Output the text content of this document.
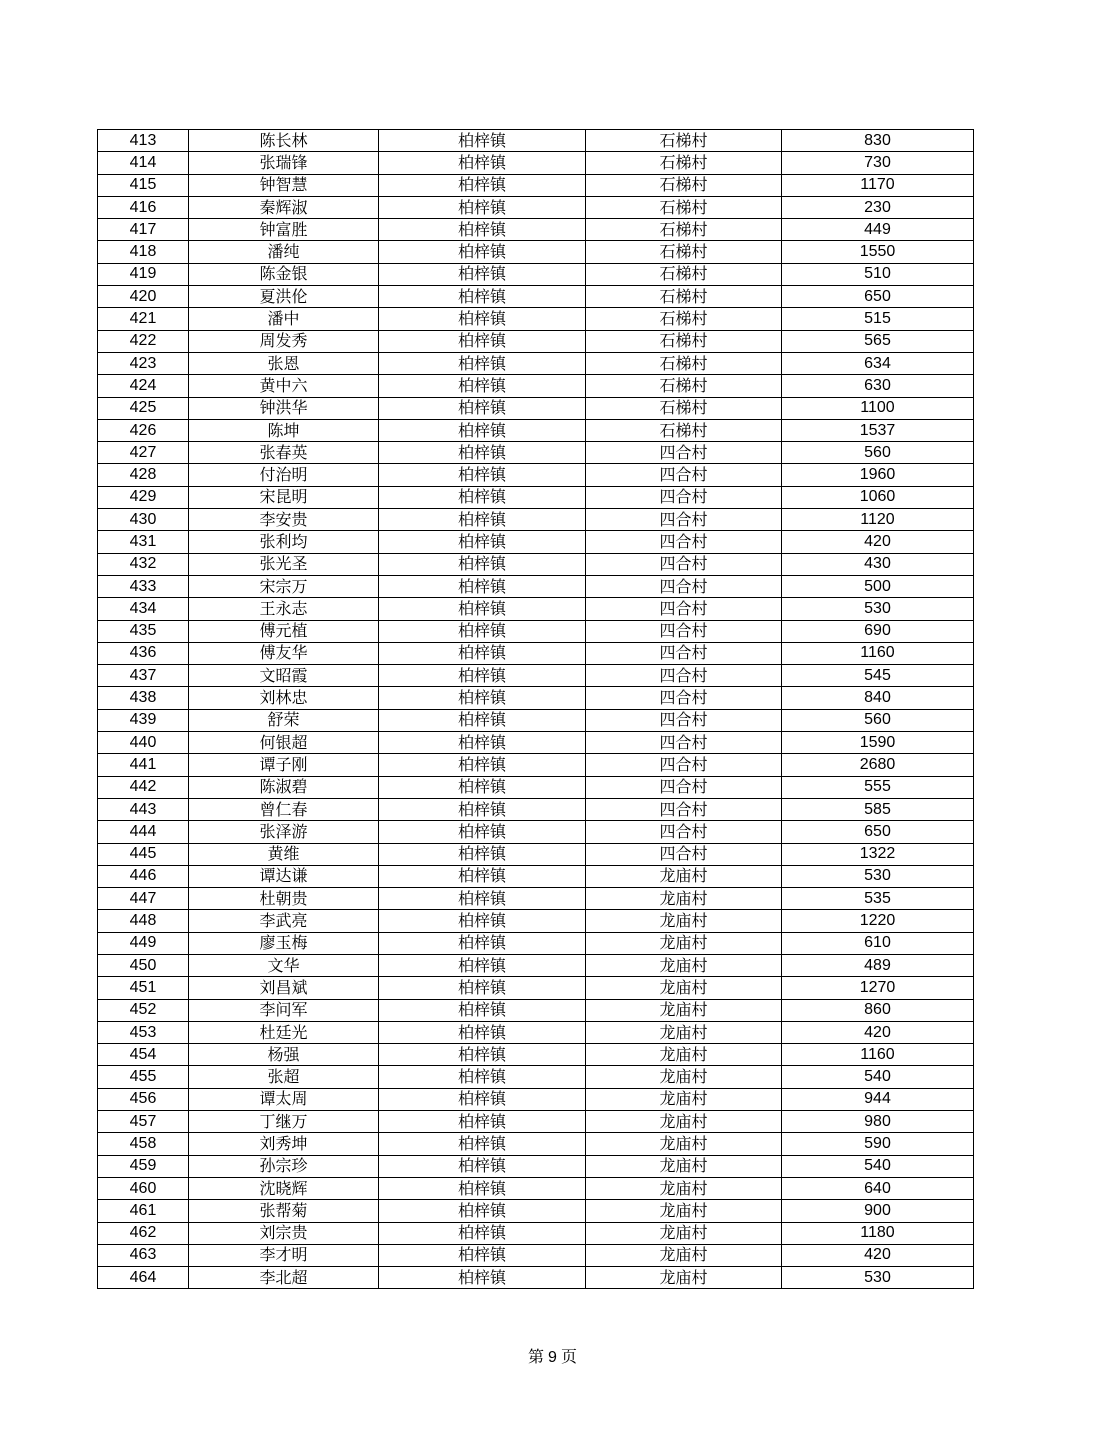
413	陈长林	柏梓镇	石梯村	830
414	张瑞锋	柏梓镇	石梯村	730
415	钟智慧	柏梓镇	石梯村	1170
416	秦辉淑	柏梓镇	石梯村	230
417	钟富胜	柏梓镇	石梯村	449
418	潘纯	柏梓镇	石梯村	1550
419	陈金银	柏梓镇	石梯村	510
420	夏洪伦	柏梓镇	石梯村	650
421	潘中	柏梓镇	石梯村	515
422	周发秀	柏梓镇	石梯村	565
423	张恩	柏梓镇	石梯村	634
424	黄中六	柏梓镇	石梯村	630
425	钟洪华	柏梓镇	石梯村	1100
426	陈坤	柏梓镇	石梯村	1537
427	张春英	柏梓镇	四合村	560
428	付治明	柏梓镇	四合村	1960
429	宋昆明	柏梓镇	四合村	1060
430	李安贵	柏梓镇	四合村	1120
431	张利均	柏梓镇	四合村	420
432	张光圣	柏梓镇	四合村	430
433	宋宗万	柏梓镇	四合村	500
434	王永志	柏梓镇	四合村	530
435	傅元植	柏梓镇	四合村	690
436	傅友华	柏梓镇	四合村	1160
437	文昭霞	柏梓镇	四合村	545
438	刘林忠	柏梓镇	四合村	840
439	舒荣	柏梓镇	四合村	560
440	何银超	柏梓镇	四合村	1590
441	谭子刚	柏梓镇	四合村	2680
442	陈淑碧	柏梓镇	四合村	555
443	曾仁春	柏梓镇	四合村	585
444	张泽游	柏梓镇	四合村	650
445	黄维	柏梓镇	四合村	1322
446	谭达谦	柏梓镇	龙庙村	530
447	杜朝贵	柏梓镇	龙庙村	535
448	李武亮	柏梓镇	龙庙村	1220
449	廖玉梅	柏梓镇	龙庙村	610
450	文华	柏梓镇	龙庙村	489
451	刘昌斌	柏梓镇	龙庙村	1270
452	李问军	柏梓镇	龙庙村	860
453	杜廷光	柏梓镇	龙庙村	420
454	杨强	柏梓镇	龙庙村	1160
455	张超	柏梓镇	龙庙村	540
456	谭太周	柏梓镇	龙庙村	944
457	丁继万	柏梓镇	龙庙村	980
458	刘秀坤	柏梓镇	龙庙村	590
459	孙宗珍	柏梓镇	龙庙村	540
460	沈晓辉	柏梓镇	龙庙村	640
461	张帮菊	柏梓镇	龙庙村	900
462	刘宗贵	柏梓镇	龙庙村	1180
463	李才明	柏梓镇	龙庙村	420
464	李北超	柏梓镇	龙庙村	530
第 9 页
